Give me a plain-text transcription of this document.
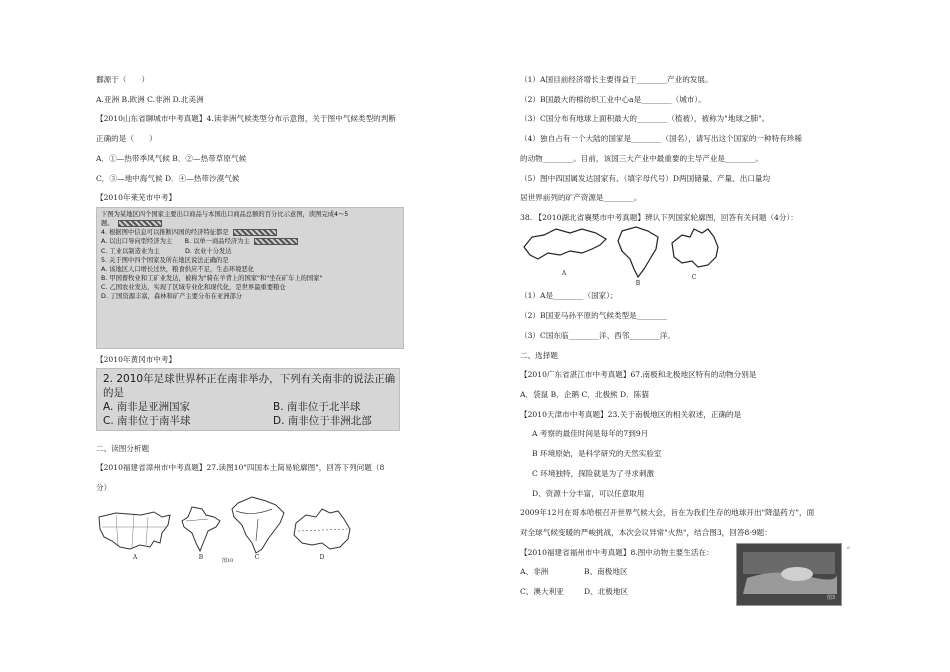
鄱源于（　　）

A.亚洲 B.欧洲 C.非洲 D.北美洲

【2010山东省聊城市中考真题】4.读非洲气候类型分布示意图，关于图中气候类型的判断

正确的是（　　）

A．①—热带季风气候 B．②—热带草原气候

C．③—地中海气候 D．④—热带沙漠气候

【2010年莱芜市中考】

下图为某地区四个国家主要出口商品与本国出口商品总额的百分比示意图，读图完成4～5
题。
4. 根据图中信息可以推断四国的经济特征都是
A. 以出口导向型经济为主　　B. 以单一商品经济为主
C. 工业以制造业为主　　　　D. 农业十分发达
5. 关于图中四个国家及所在地区说法正确的是
A. 该地区人口增长过快，粮食供应不足，生态环境恶化
B. 甲国畜牧业和工矿业发达，被称为"骑在羊背上的国家"和"坐在矿车上的国家"
C. 乙国农业发达，实现了区域专业化和现代化，是世界最重要粮仓
D. 丁国资源丰富，森林和矿产主要分布在亚洲部分

【2010年黄冈市中考】

2. 2010年足球世界杯正在南非举办，下列有关南非的说法正确
的是
A. 南非是亚洲国家	B. 南非位于北半球
C. 南非位于南半球	D. 南非位于非洲北部

二、读图分析题

【2010福建省漳州市中考真题】27.读图10"四国本土简易轮廓图"，回答下列问题（8

分）

A	B	C	D
图10

（1）A国目前经济增长主要得益于________产业的发展。

（2）B国最大的棉纺织工业中心a是________（城市）。

（3）C国分布有地球上面积最大的________（植被），被称为"地球之肺"。

（4）独自占有一个大陆的国家是________（国名），请写出这个国家的一种特有珍稀

的动物________。目前，该国三大产业中最重要的主导产业是________。

（5）图中四国属发达国家有、（填字母代号）D两国储量、产量、出口量均

居世界前列的矿产资源是________。

38. 【2010湖北省襄樊市中考真题】辨认下列国家轮廓图，回答有关问题（4分）：

A
B
C

（1）A是________（国家）；

（2）B国亚马孙平原的气候类型是________

（3）C国东临________洋、西邻________洋。

二、选择题

【2010广东省湛江市中考真题】67.南极和北极地区特有的动物分别是

A．袋鼠 B．企鹅 C．北极熊 D．陈猫

【2010天津市中考真题】23.关于南极地区的相关叙述，正确的是

A 考察的最佳时间是每年的7到9月

B 环境原始，是科学研究的天然实验室

C 环境独特，探险就是为了寻求刺激

D、资源十分丰富，可以任意取用

2009年12月在哥本哈根召开世界气候大会，旨在为我们生存的地球开出"降温药方"，面

对全球气候变暖的严峻挑战，本次会议异常"火热"，结合图3，回答8-9题：

【2010福建省福州市中考真题】8.图中动物主要生活在：

A、非洲	B、南极地区

C、澳大利亚	D、北极地区

图3
。
